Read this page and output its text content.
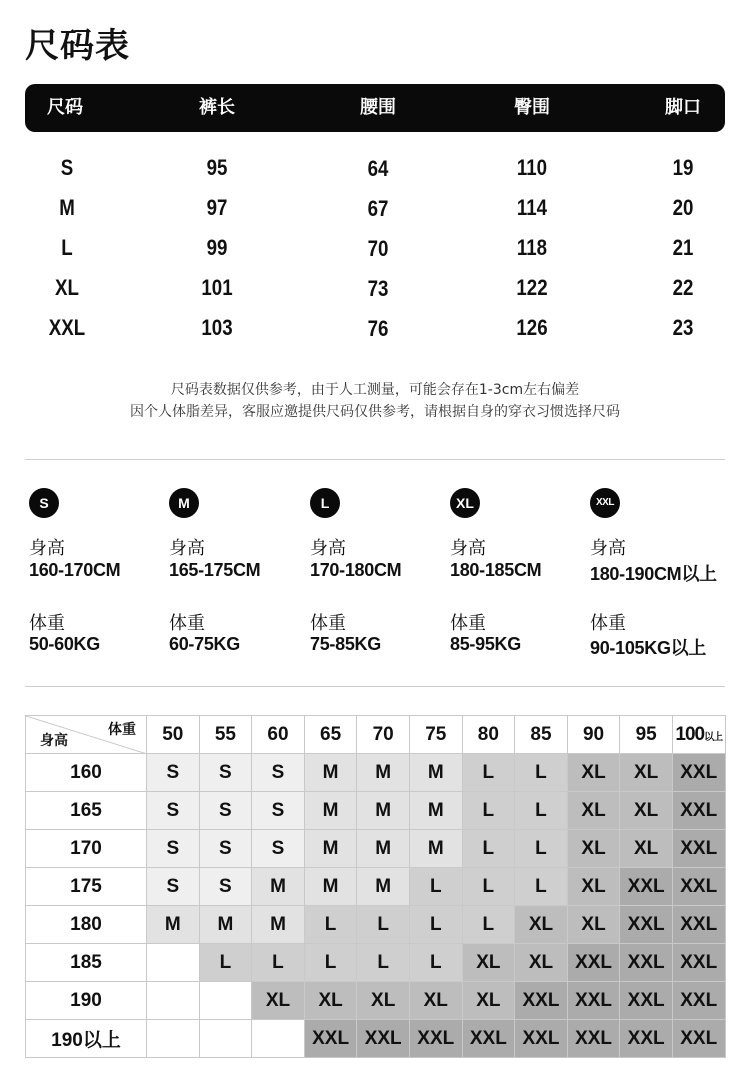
尺码表
尺码	裤长	腰围	臀围	脚口
S	95	64	110	19
M	97	67	114	20
L	99	70	118	21
XL	101	73	122	22
XXL	103	76	126	23
尺码表数据仅供参考，由于人工测量，可能会存在1-3cm左右偏差
因个人体脂差异，客服应邀提供尺码仅供参考，请根据自身的穿衣习惯选择尺码
S
身高
160-170CM
体重
50-60KG
M
身高
165-175CM
体重
60-75KG
L
身高
170-180CM
体重
75-85KG
XL
身高
180-185CM
体重
85-95KG
XXL
身高
180-190CM以上
体重
90-105KG以上
体重
身高	50	55	60	65	70	75	80	85	90	95	100以上
160	S	S	S	M	M	M	L	L	XL	XL	XXL
165	S	S	S	M	M	M	L	L	XL	XL	XXL
170	S	S	S	M	M	M	L	L	XL	XL	XXL
175	S	S	M	M	M	L	L	L	XL	XXL	XXL
180	M	M	M	L	L	L	L	XL	XL	XXL	XXL
185		L	L	L	L	L	XL	XL	XXL	XXL	XXL
190			XL	XL	XL	XL	XL	XXL	XXL	XXL	XXL
190以上				XXL	XXL	XXL	XXL	XXL	XXL	XXL	XXL
